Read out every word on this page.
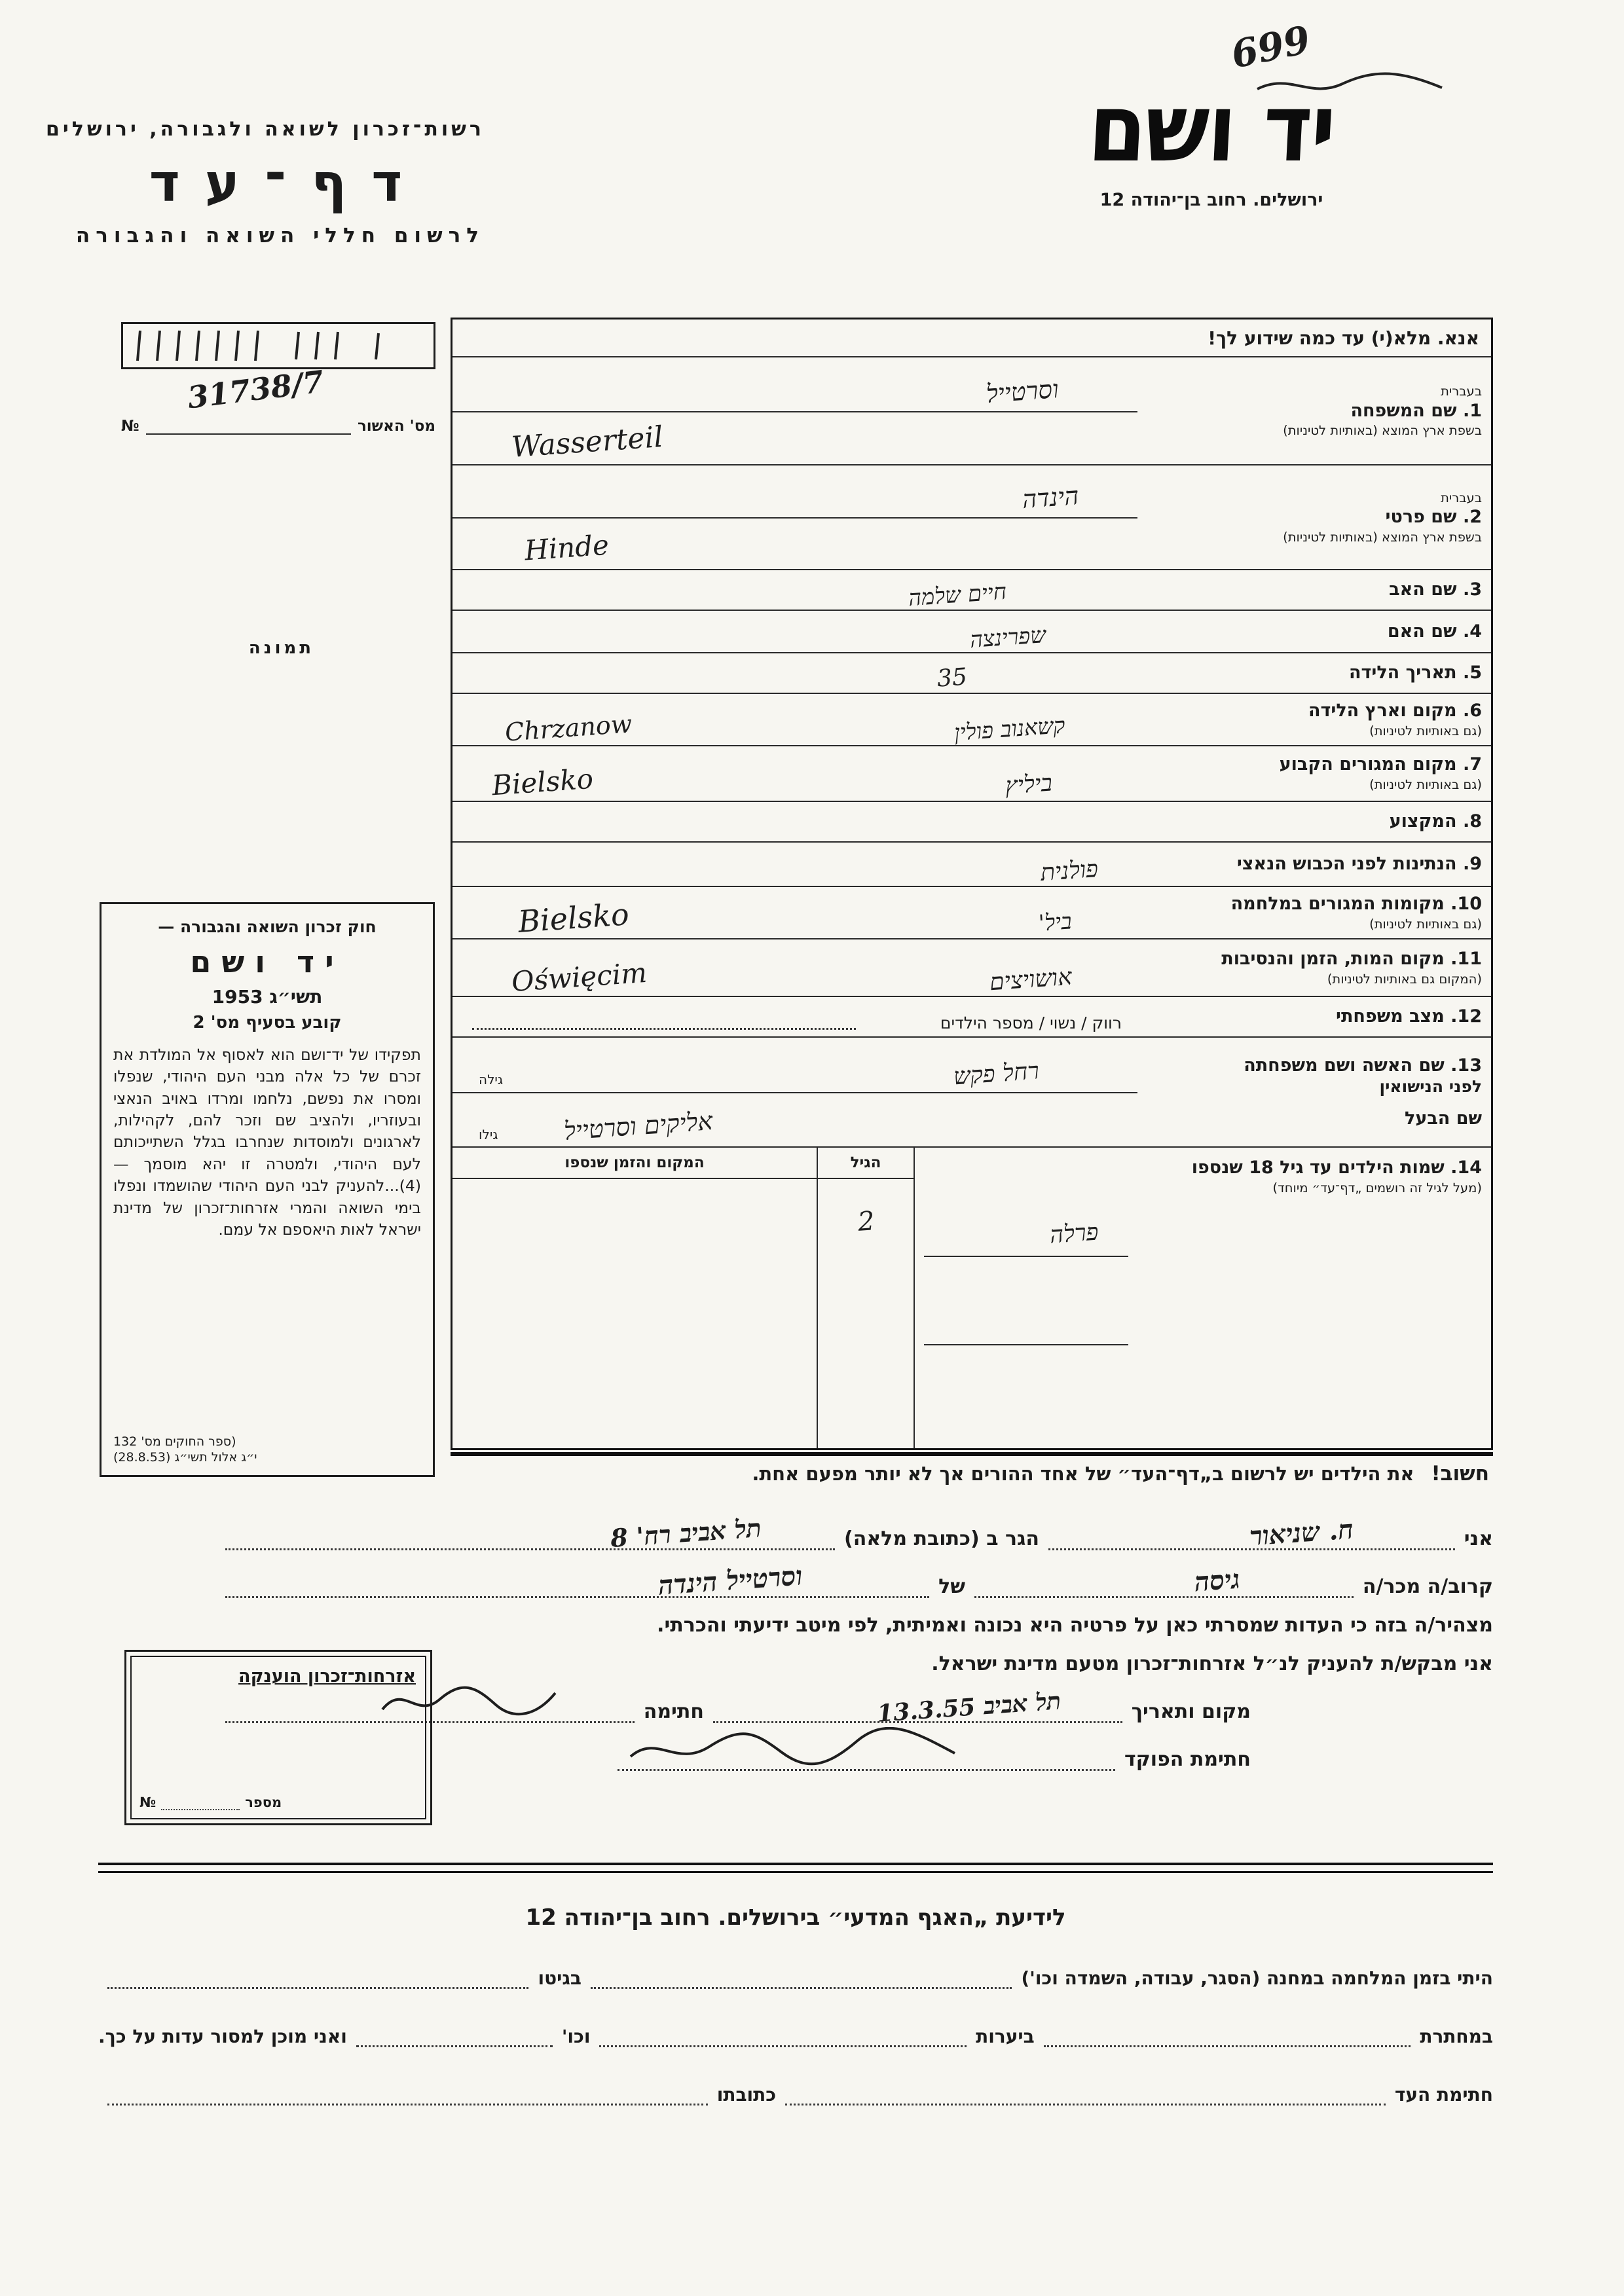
699
רשות־זכרון לשואה ולגבורה, ירושלים
דף־עד
לרשום חללי השואה והגבורה
יד ושם
ירושלים. רחוב בן־יהודה 12
31738/7
מס' האשור
№
תמונה
חוק זכרון השואה והגבורה —
יד ושם
תשי״ג 1953
קובע בסעיף מס' 2
תפקידו של יד־ושם הוא לאסוף אל המולדת את זכרם של כל אלה מבני העם היהודי, שנפלו ומסרו את נפשם, נלחמו ומרדו באויב הנאצי ובעוזריו, ולהציב שם וזכר להם, לקהילות, לארגונים ולמוסדות שנחרבו בגלל השתייכותם לעם היהודי, ולמטרה זו יהא מוסמך — (4)...להעניק לבני העם היהודי שהושמדו ונפלו בימי השואה והמרי אזרחות־זכרון של מדינת ישראל לאות היאספם אל עמם.
(ספר החוקים מס' 132
י״ג אלול תשי״ג (28.8.53)
אנא. מלא(י) עד כמה שידוע לך!
בעברית
1. שם המשפחה
בשפת ארץ המוצא (באותיות לטיניות)
וסרטייל
Wasserteil
בעברית
2. שם פרטי
בשפת ארץ המוצא (באותיות לטיניות)
הינדה
Hinde
3. שם האב
חיים שלמה
4. שם האם
שפרינצה
5. תאריך הלידה
35
6. מקום וארץ הלידה
(גם באותיות לטיניות)
קשאנוב פולין
Chrzanow
7. מקום המגורים הקבוע
(גם באותיות לטיניות)
ביליץ
Bielsko
8. המקצוע
9. הנתינות לפני הכבוש הנאצי
פולנית
10. מקומות המגורים במלחמה
(גם באותיות לטיניות)
ביל'
Bielsko
11. מקום המות, הזמן והנסיבות
(המקום גם באותיות לטיניות)
אושויצים
Oświęcim
12. מצב משפחתי
רווק / נשוי / מספר הילדים
13. שם האשה ושם משפחתה
לפני הנישואין
שם הבעל
גילה
גילו
רחל פקש
אליקים וסרטייל
14. שמות הילדים עד גיל 18 שנספו
(מעל לגיל זה רושמים „דף־עד״ מיוחד)
פרלה
הגיל
2
המקום והזמן שנספו
חשוב!
את הילדים יש לרשום ב„דף־העד״ של אחד ההורים אך לא יותר מפעם אחת.
אני
ח. שניאור
הגר ב (כתובת מלאה)
תל אביב רח' 8
קרוב/ה מכר/ה
גיסה
של
וסרטייל הינדה
מצהיר/ה בזה כי העדות שמסרתי כאן על פרטיה היא נכונה ואמיתית, לפי מיטב ידיעתי והכרתי.
אני מבקש/ת להעניק לנ״ל אזרחות־זכרון מטעם מדינת ישראל.
מקום ותאריך
תל אביב 13.3.55
חתימה
חתימת הפוקד
אזרחות־זכרון הוענקה
מספר
№
לידיעת „האגף המדעי״ בירושלים. רחוב בן־יהודה 12
היתי בזמן המלחמה במחנה (הסגר, עבודה, השמדה וכו')
בגיטו
במחתרת
ביערות
וכו'
ואני מוכן למסור עדות על כך.
חתימת העד
כתובתו
